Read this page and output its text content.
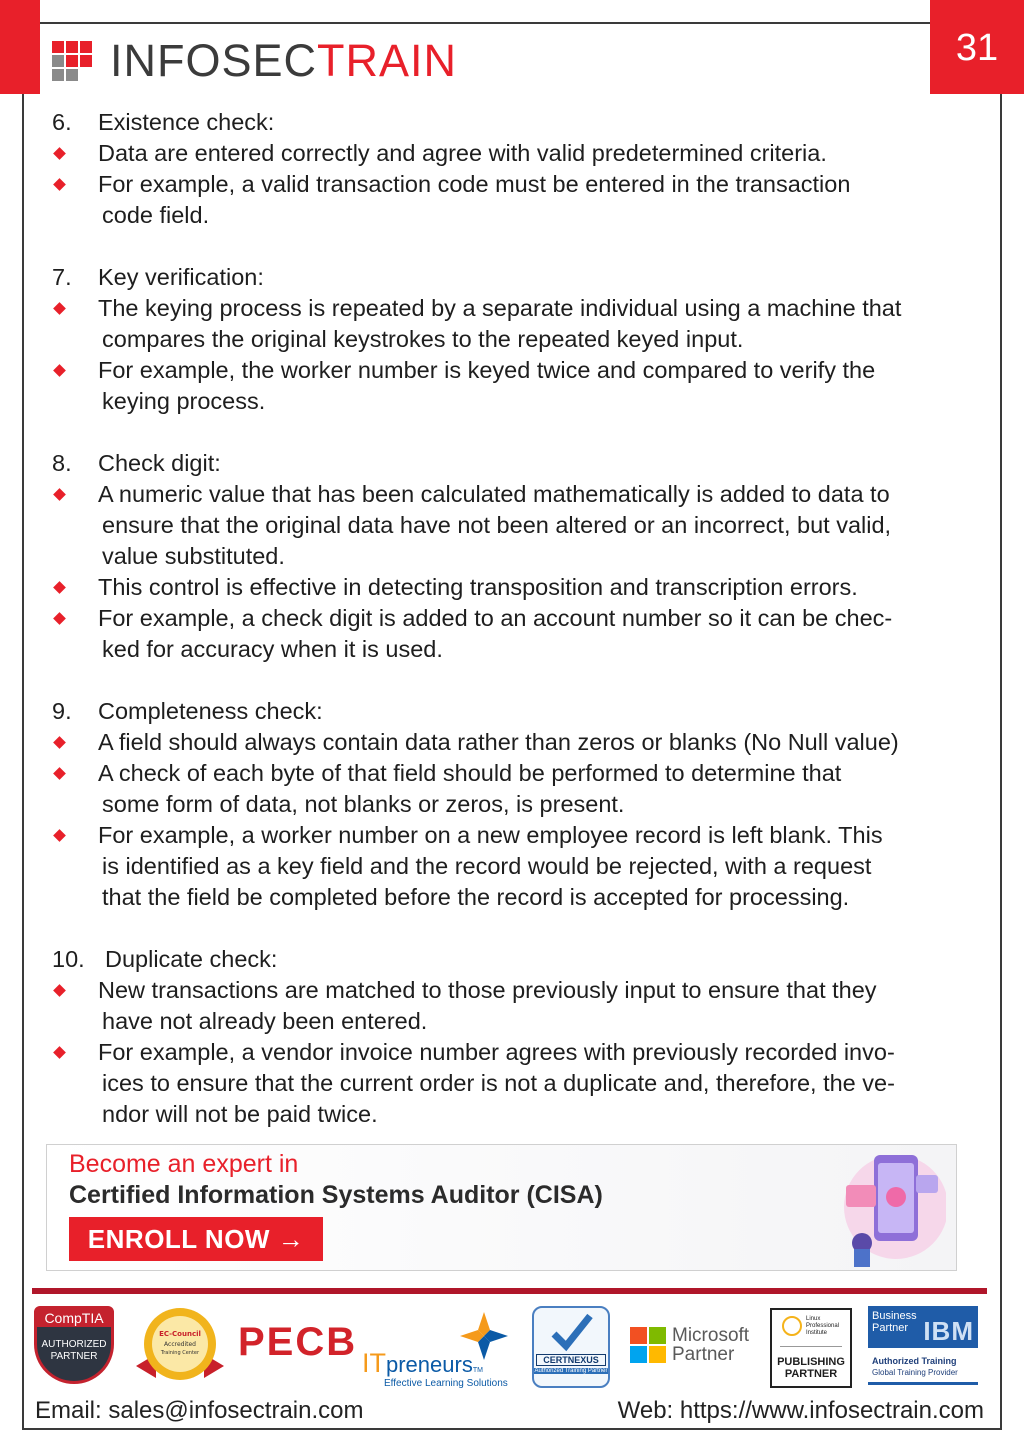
31
INFOSECTRAIN
6.	Existence check:
Data are entered correctly and agree with valid predetermined criteria.
For example, a valid transaction code must be entered in the transaction
code field.
7.	Key verification:
The keying process is repeated by a separate individual using a machine that
compares the original keystrokes to the repeated keyed input.
For example, the worker number is keyed twice and compared to verify the
keying process.
8.	Check digit:
A numeric value that has been calculated mathematically is added to data to
ensure that the original data have not been altered or an incorrect, but valid,
value substituted.
This control is effective in detecting transposition and transcription errors.
For example, a check digit is added to an account number so it can be chec-
ked for accuracy when it is used.
9.	Completeness check:
A field should always contain data rather than zeros or blanks (No Null value)
A check of each byte of that field should be performed to determine that
some form of data, not blanks or zeros, is present.
For example, a worker number on a new employee record is left blank. This
is identified as a key field and the record would be rejected, with a request
that the field be completed before the record is accepted for processing.
10. Duplicate check:
New transactions are matched to those previously input to ensure that they
have not already been entered.
For example, a vendor invoice number agrees with previously recorded invo-
ices to ensure that the current order is not a duplicate and, therefore, the ve-
ndor will not be paid twice.
Become an expert in
Certified Information Systems Auditor (CISA)
ENROLL NOW →
CompTIA
AUTHORIZED
PARTNER
EC-Council
Accredited
Training Center PECB ITpreneursTM
Effective Learning Solutions
CERTNEXUS
Authorized Training Partner
Microsoft
Partner
Linux
Professional
Institute
PUBLISHING
PARTNER
Business
Partner IBM
Authorized Training
Global Training Provider
Email: sales@infosectrain.com	Web: https://www.infosectrain.com
